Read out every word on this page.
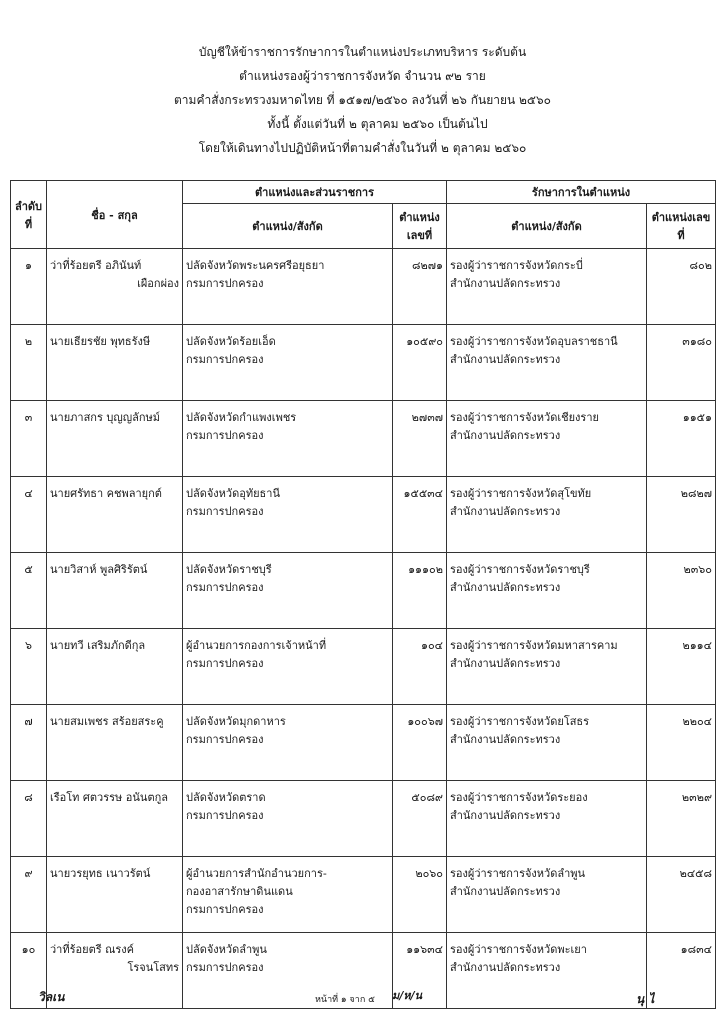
บัญชีให้ข้าราชการรักษาการในตำแหน่งประเภทบริหาร ระดับต้น
ตำแหน่งรองผู้ว่าราชการจังหวัด จำนวน ๙๒ ราย
ตามคำสั่งกระทรวงมหาดไทย ที่ ๑๕๑๗/๒๕๖๐ ลงวันที่ ๒๖ กันยายน ๒๕๖๐
ทั้งนี้ ตั้งแต่วันที่ ๒ ตุลาคม ๒๕๖๐ เป็นต้นไป
โดยให้เดินทางไปปฏิบัติหน้าที่ตามคำสั่งในวันที่ ๒ ตุลาคม ๒๕๖๐
ลำดับที่	ชื่อ - สกุล	ตำแหน่งและส่วนราชการ		รักษาการในตำแหน่ง	
		ตำแหน่ง/สังกัด	ตำแหน่งเลขที่	ตำแหน่ง/สังกัด	ตำแหน่งเลขที่

๑	ว่าที่ร้อยตรี อภินันท์
เผือกผ่อง	ปลัดจังหวัดพระนครศรีอยุธยา
กรมการปกครอง	๘๒๗๑	รองผู้ว่าราชการจังหวัดกระบี่
สำนักงานปลัดกระทรวง	๘๐๒

๒	นายเธียรชัย พุทธรังษี	ปลัดจังหวัดร้อยเอ็ด
กรมการปกครอง	๑๐๕๙๐	รองผู้ว่าราชการจังหวัดอุบลราชธานี
สำนักงานปลัดกระทรวง	๓๑๘๐

๓	นายภาสกร บุญญลักษม์	ปลัดจังหวัดกำแพงเพชร
กรมการปกครอง	๒๗๓๗	รองผู้ว่าราชการจังหวัดเชียงราย
สำนักงานปลัดกระทรวง	๑๑๕๑

๔	นายศรัทธา คชพลายุกต์	ปลัดจังหวัดอุทัยธานี
กรมการปกครอง	๑๕๕๓๔	รองผู้ว่าราชการจังหวัดสุโขทัย
สำนักงานปลัดกระทรวง	๒๘๒๗

๕	นายวิสาห์ พูลศิริรัตน์	ปลัดจังหวัดราชบุรี
กรมการปกครอง	๑๑๑๐๒	รองผู้ว่าราชการจังหวัดราชบุรี
สำนักงานปลัดกระทรวง	๒๓๖๐

๖	นายทวี เสริมภักดีกุล	ผู้อำนวยการกองการเจ้าหน้าที่
กรมการปกครอง	๑๐๔	รองผู้ว่าราชการจังหวัดมหาสารคาม
สำนักงานปลัดกระทรวง	๒๑๑๔

๗	นายสมเพชร สร้อยสระคู	ปลัดจังหวัดมุกดาหาร
กรมการปกครอง	๑๐๐๖๗	รองผู้ว่าราชการจังหวัดยโสธร
สำนักงานปลัดกระทรวง	๒๒๐๔

๘	เรือโท ศตวรรษ อนันตกูล	ปลัดจังหวัดตราด
กรมการปกครอง	๕๐๘๙	รองผู้ว่าราชการจังหวัดระยอง
สำนักงานปลัดกระทรวง	๒๓๒๙

๙	นายวรยุทธ เนาวรัตน์	ผู้อำนวยการสำนักอำนวยการ-
กองอาสารักษาดินแดน
กรมการปกครอง	๒๐๖๐	รองผู้ว่าราชการจังหวัดลำพูน
สำนักงานปลัดกระทรวง	๒๔๕๘

๑๐	ว่าที่ร้อยตรี ณรงค์
โรจนโสทร	ปลัดจังหวัดลำพูน
กรมการปกครอง	๑๑๖๓๔	รองผู้ว่าราชการจังหวัดพะเยา
สำนักงานปลัดกระทรวง	๑๘๓๔
หน้าที่ ๑ จาก ๕
วิลเน	ม/ห/น	นุ ไ
